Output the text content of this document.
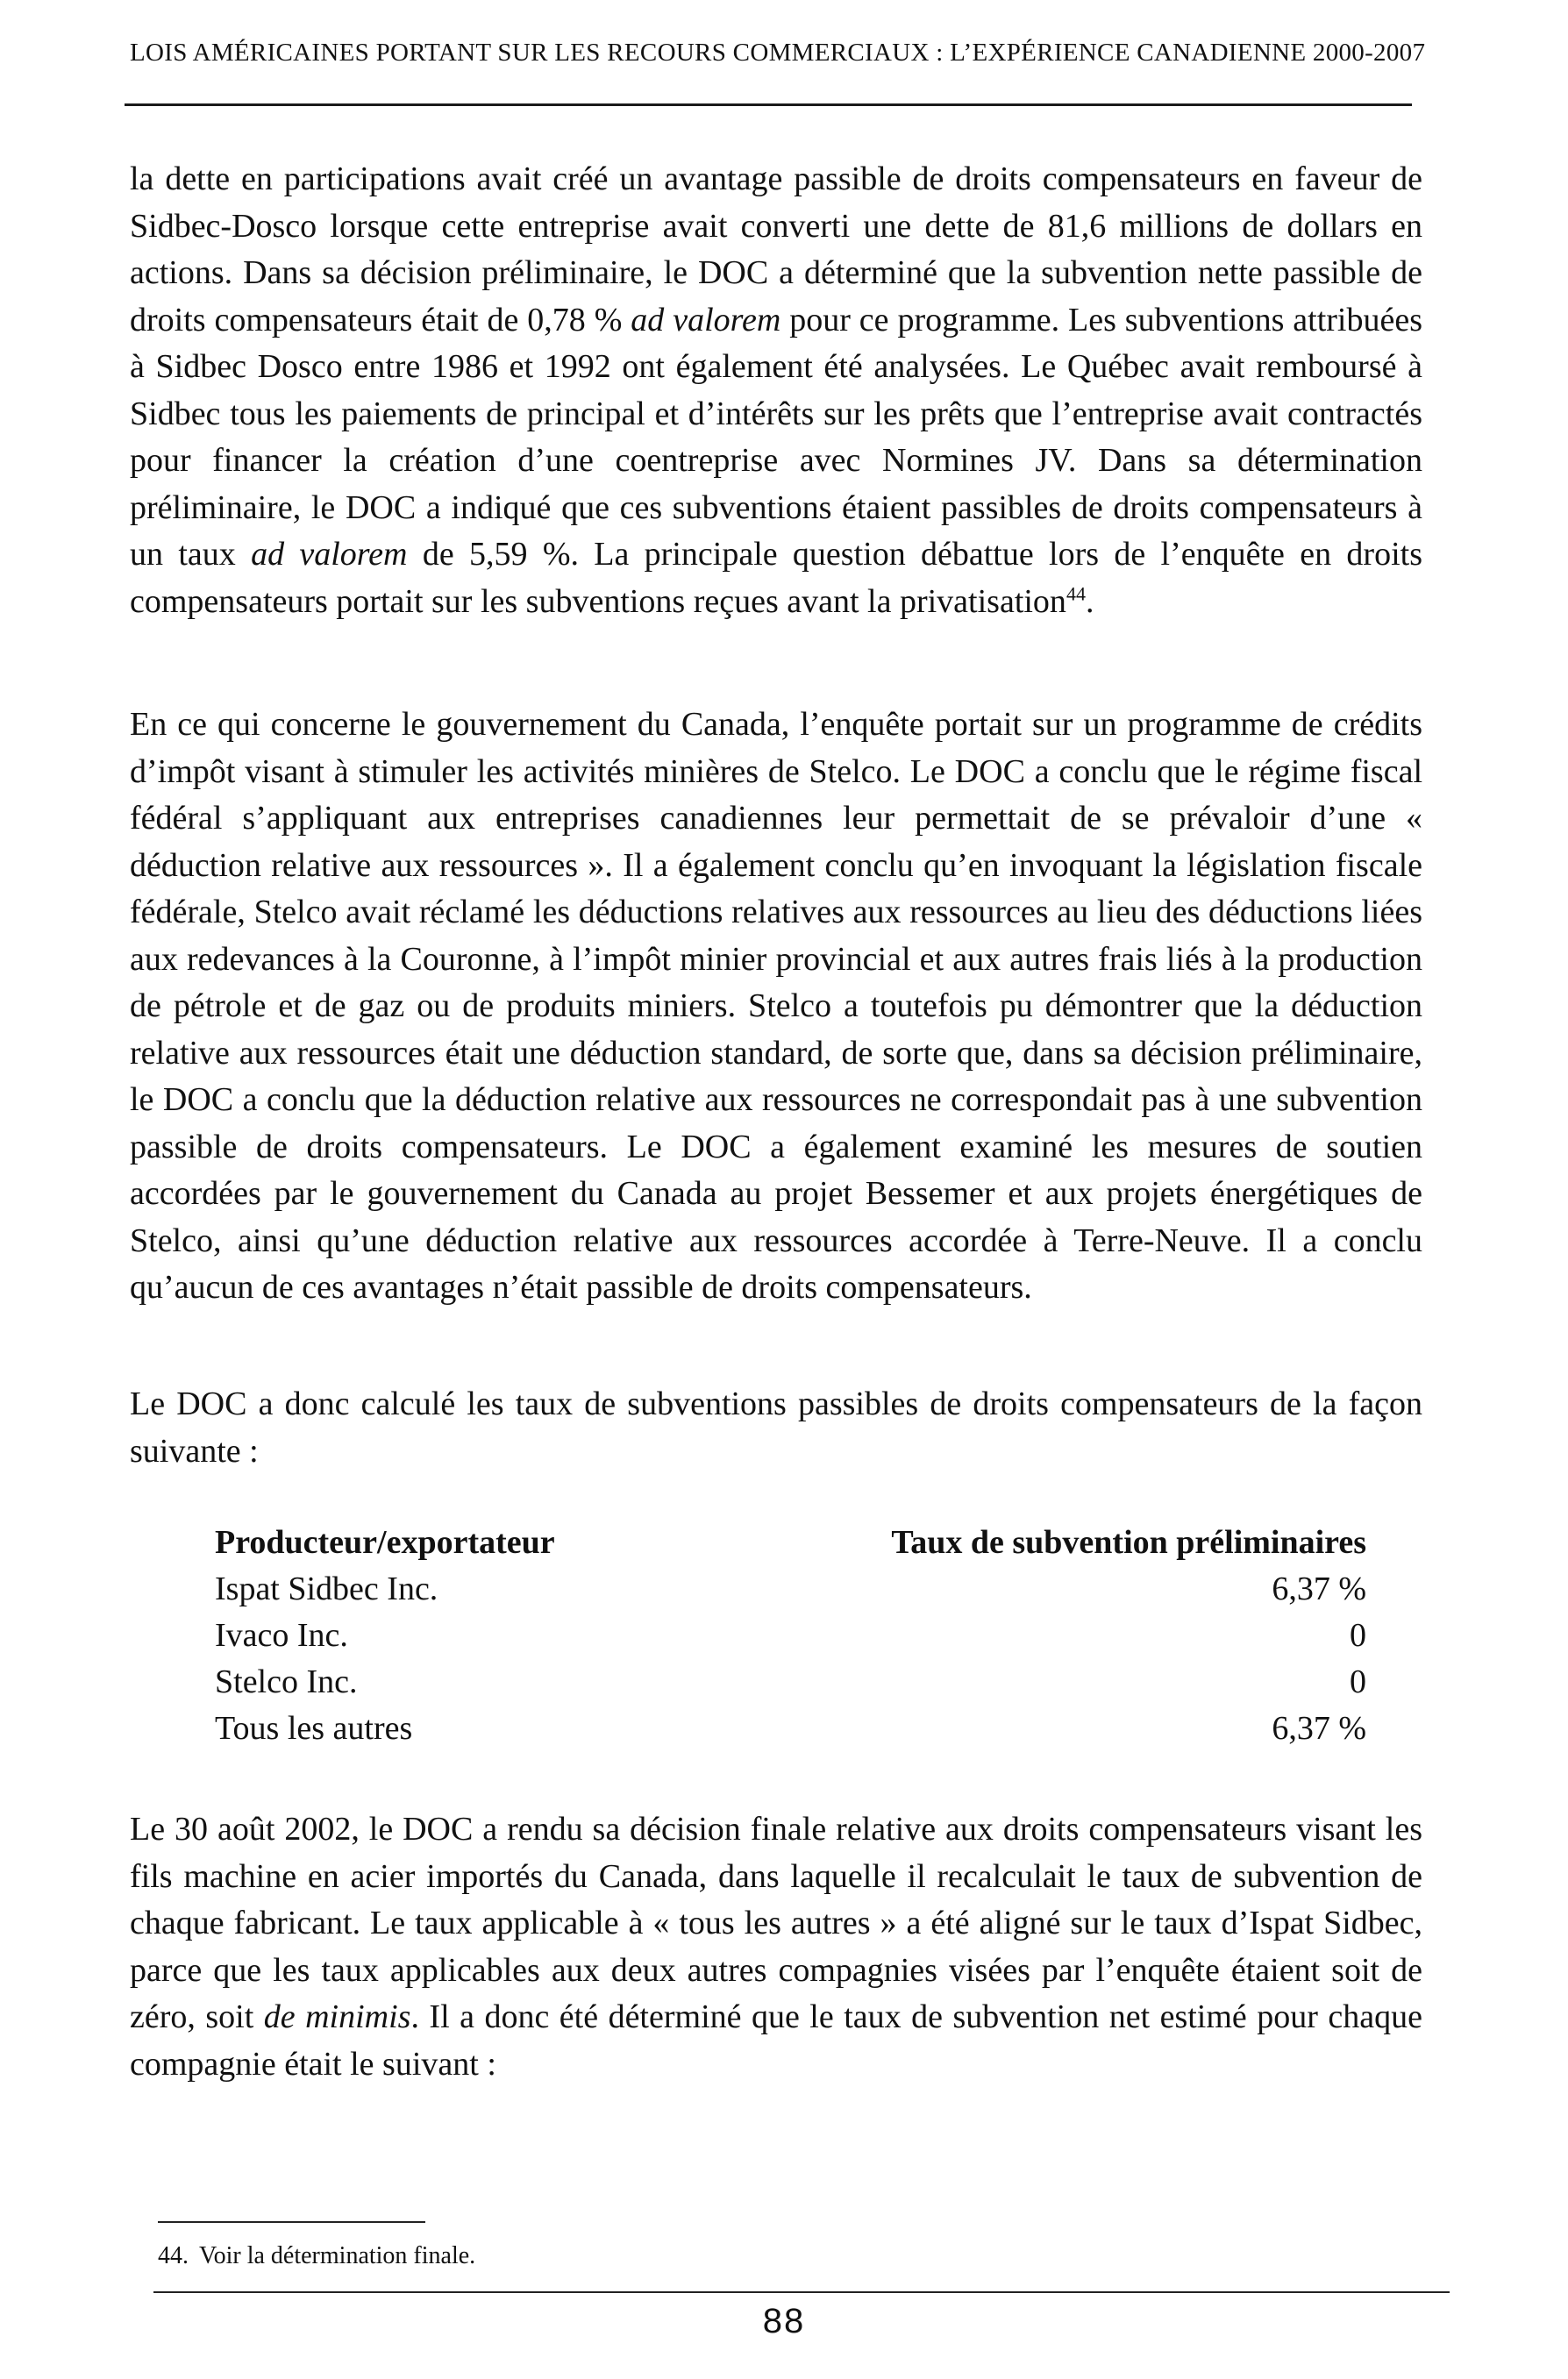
LOIS AMÉRICAINES PORTANT SUR LES RECOURS COMMERCIAUX : L’EXPÉRIENCE CANADIENNE 2000-2007

la dette en participations avait créé un avantage passible de droits compensateurs en faveur de Sidbec-Dosco lorsque cette entreprise avait converti une dette de 81,6 millions de dollars en actions. Dans sa décision préliminaire, le DOC a déterminé que la subvention nette passible de droits compensateurs était de 0,78 % ad valorem pour ce programme. Les subventions attribuées à Sidbec Dosco entre 1986 et 1992 ont également été analysées. Le Québec avait remboursé à Sidbec tous les paiements de principal et d’intérêts sur les prêts que l’entreprise avait contractés pour financer la création d’une coentreprise avec Normines JV. Dans sa détermination préliminaire, le DOC a indiqué que ces subventions étaient passibles de droits compensateurs à un taux ad valorem de 5,59 %. La principale question débattue lors de l’enquête en droits compensateurs portait sur les subventions reçues avant la privatisation$^{44}$.

En ce qui concerne le gouvernement du Canada, l’enquête portait sur un programme de crédits d’impôt visant à stimuler les activités minières de Stelco. Le DOC a conclu que le régime fiscal fédéral s’appliquant aux entreprises canadiennes leur permettait de se prévaloir d’une « déduction relative aux ressources ». Il a également conclu qu’en invoquant la législation fiscale fédérale, Stelco avait réclamé les déductions relatives aux ressources au lieu des déductions liées aux redevances à la Couronne, à l’impôt minier provincial et aux autres frais liés à la production de pétrole et de gaz ou de produits miniers. Stelco a toutefois pu démontrer que la déduction relative aux ressources était une déduction standard, de sorte que, dans sa décision préliminaire, le DOC a conclu que la déduction relative aux ressources ne correspondait pas à une subvention passible de droits compensateurs. Le DOC a également examiné les mesures de soutien accordées par le gouvernement du Canada au projet Bessemer et aux projets énergétiques de Stelco, ainsi qu’une déduction relative aux ressources accordée à Terre-Neuve. Il a conclu qu’aucun de ces avantages n’était passible de droits compensateurs.

Le DOC a donc calculé les taux de subventions passibles de droits compensateurs de la façon suivante :

Producteur/exportateur	Taux de subvention préliminaires
Ispat Sidbec Inc.	6,37 %
Ivaco Inc.	0
Stelco Inc.	0
Tous les autres	6,37 %

Le 30 août 2002, le DOC a rendu sa décision finale relative aux droits compensateurs visant les fils machine en acier importés du Canada, dans laquelle il recalculait le taux de subvention de chaque fabricant. Le taux applicable à « tous les autres » a été aligné sur le taux d’Ispat Sidbec, parce que les taux applicables aux deux autres compagnies visées par l’enquête étaient soit de zéro, soit de minimis. Il a donc été déterminé que le taux de subvention net estimé pour chaque compagnie était le suivant :

44. Voir la détermination finale.
88
